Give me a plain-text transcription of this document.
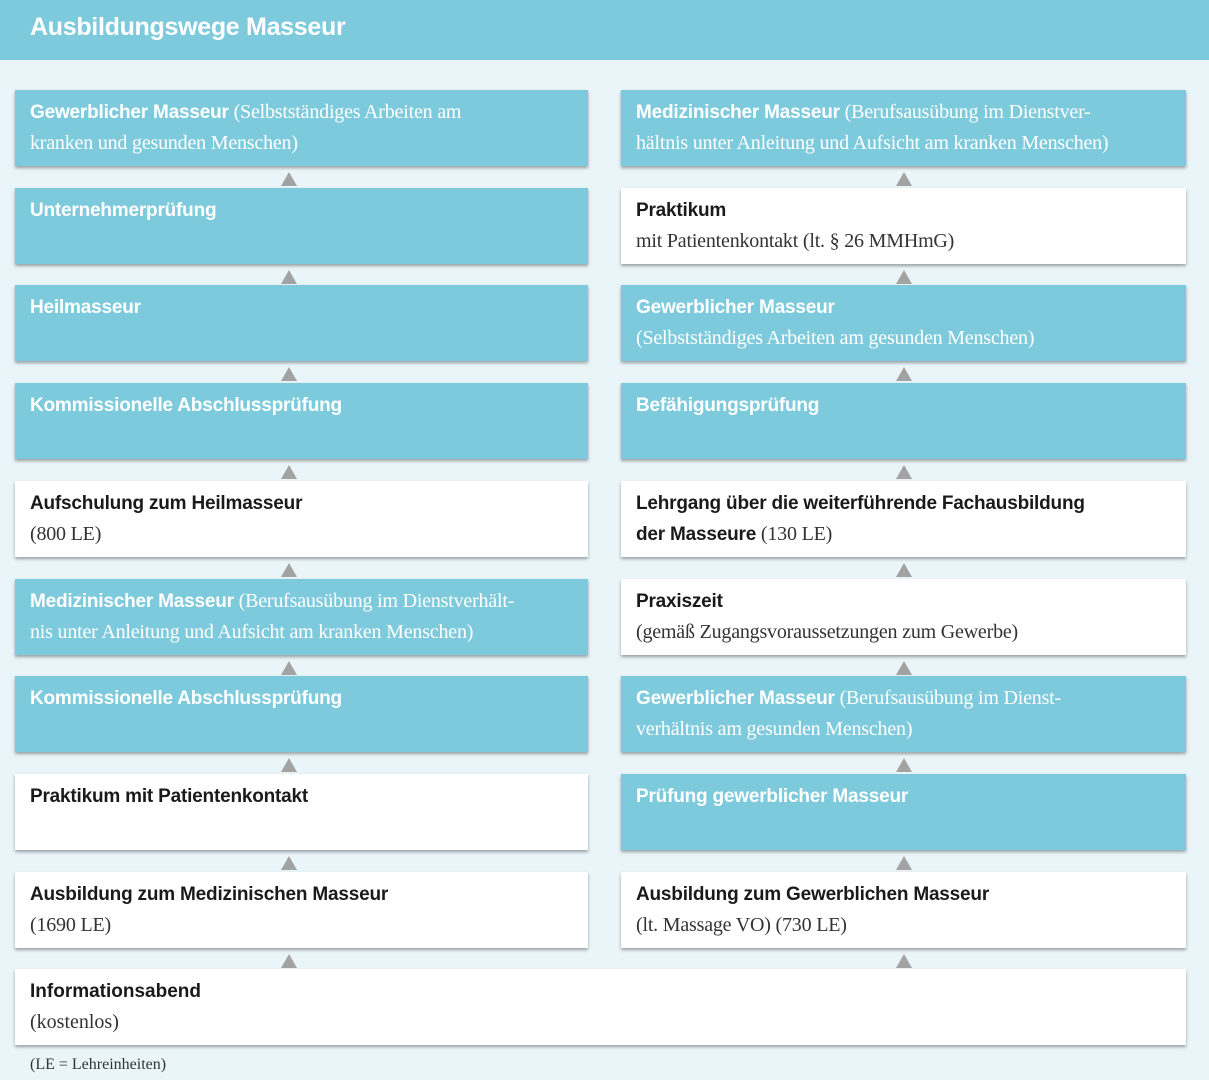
Ausbildungswege Masseur
Gewerblicher Masseur (Selbstständiges Arbeiten am
kranken und gesunden Menschen)
Unternehmerprüfung
Heilmasseur
Kommissionelle Abschlussprüfung
Aufschulung zum Heilmasseur
(800 LE)
Medizinischer Masseur (Berufsausübung im Dienstverhält-
nis unter Anleitung und Aufsicht am kranken Menschen)
Kommissionelle Abschlussprüfung
Praktikum mit Patientenkontakt
Ausbildung zum Medizinischen Masseur
(1690 LE)
Medizinischer Masseur (Berufsausübung im Dienstver-
hältnis unter Anleitung und Aufsicht am kranken Menschen)
Praktikum
mit Patientenkontakt (lt. § 26 MMHmG)
Gewerblicher Masseur
(Selbstständiges Arbeiten am gesunden Menschen)
Befähigungsprüfung
Lehrgang über die weiterführende Fachausbildung
der Masseure (130 LE)
Praxiszeit
(gemäß Zugangsvoraussetzungen zum Gewerbe)
Gewerblicher Masseur (Berufsausübung im Dienst-
verhältnis am gesunden Menschen)
Prüfung gewerblicher Masseur
Ausbildung zum Gewerblichen Masseur
(lt. Massage VO) (730 LE)
Informationsabend
(kostenlos)
(LE = Lehreinheiten)
